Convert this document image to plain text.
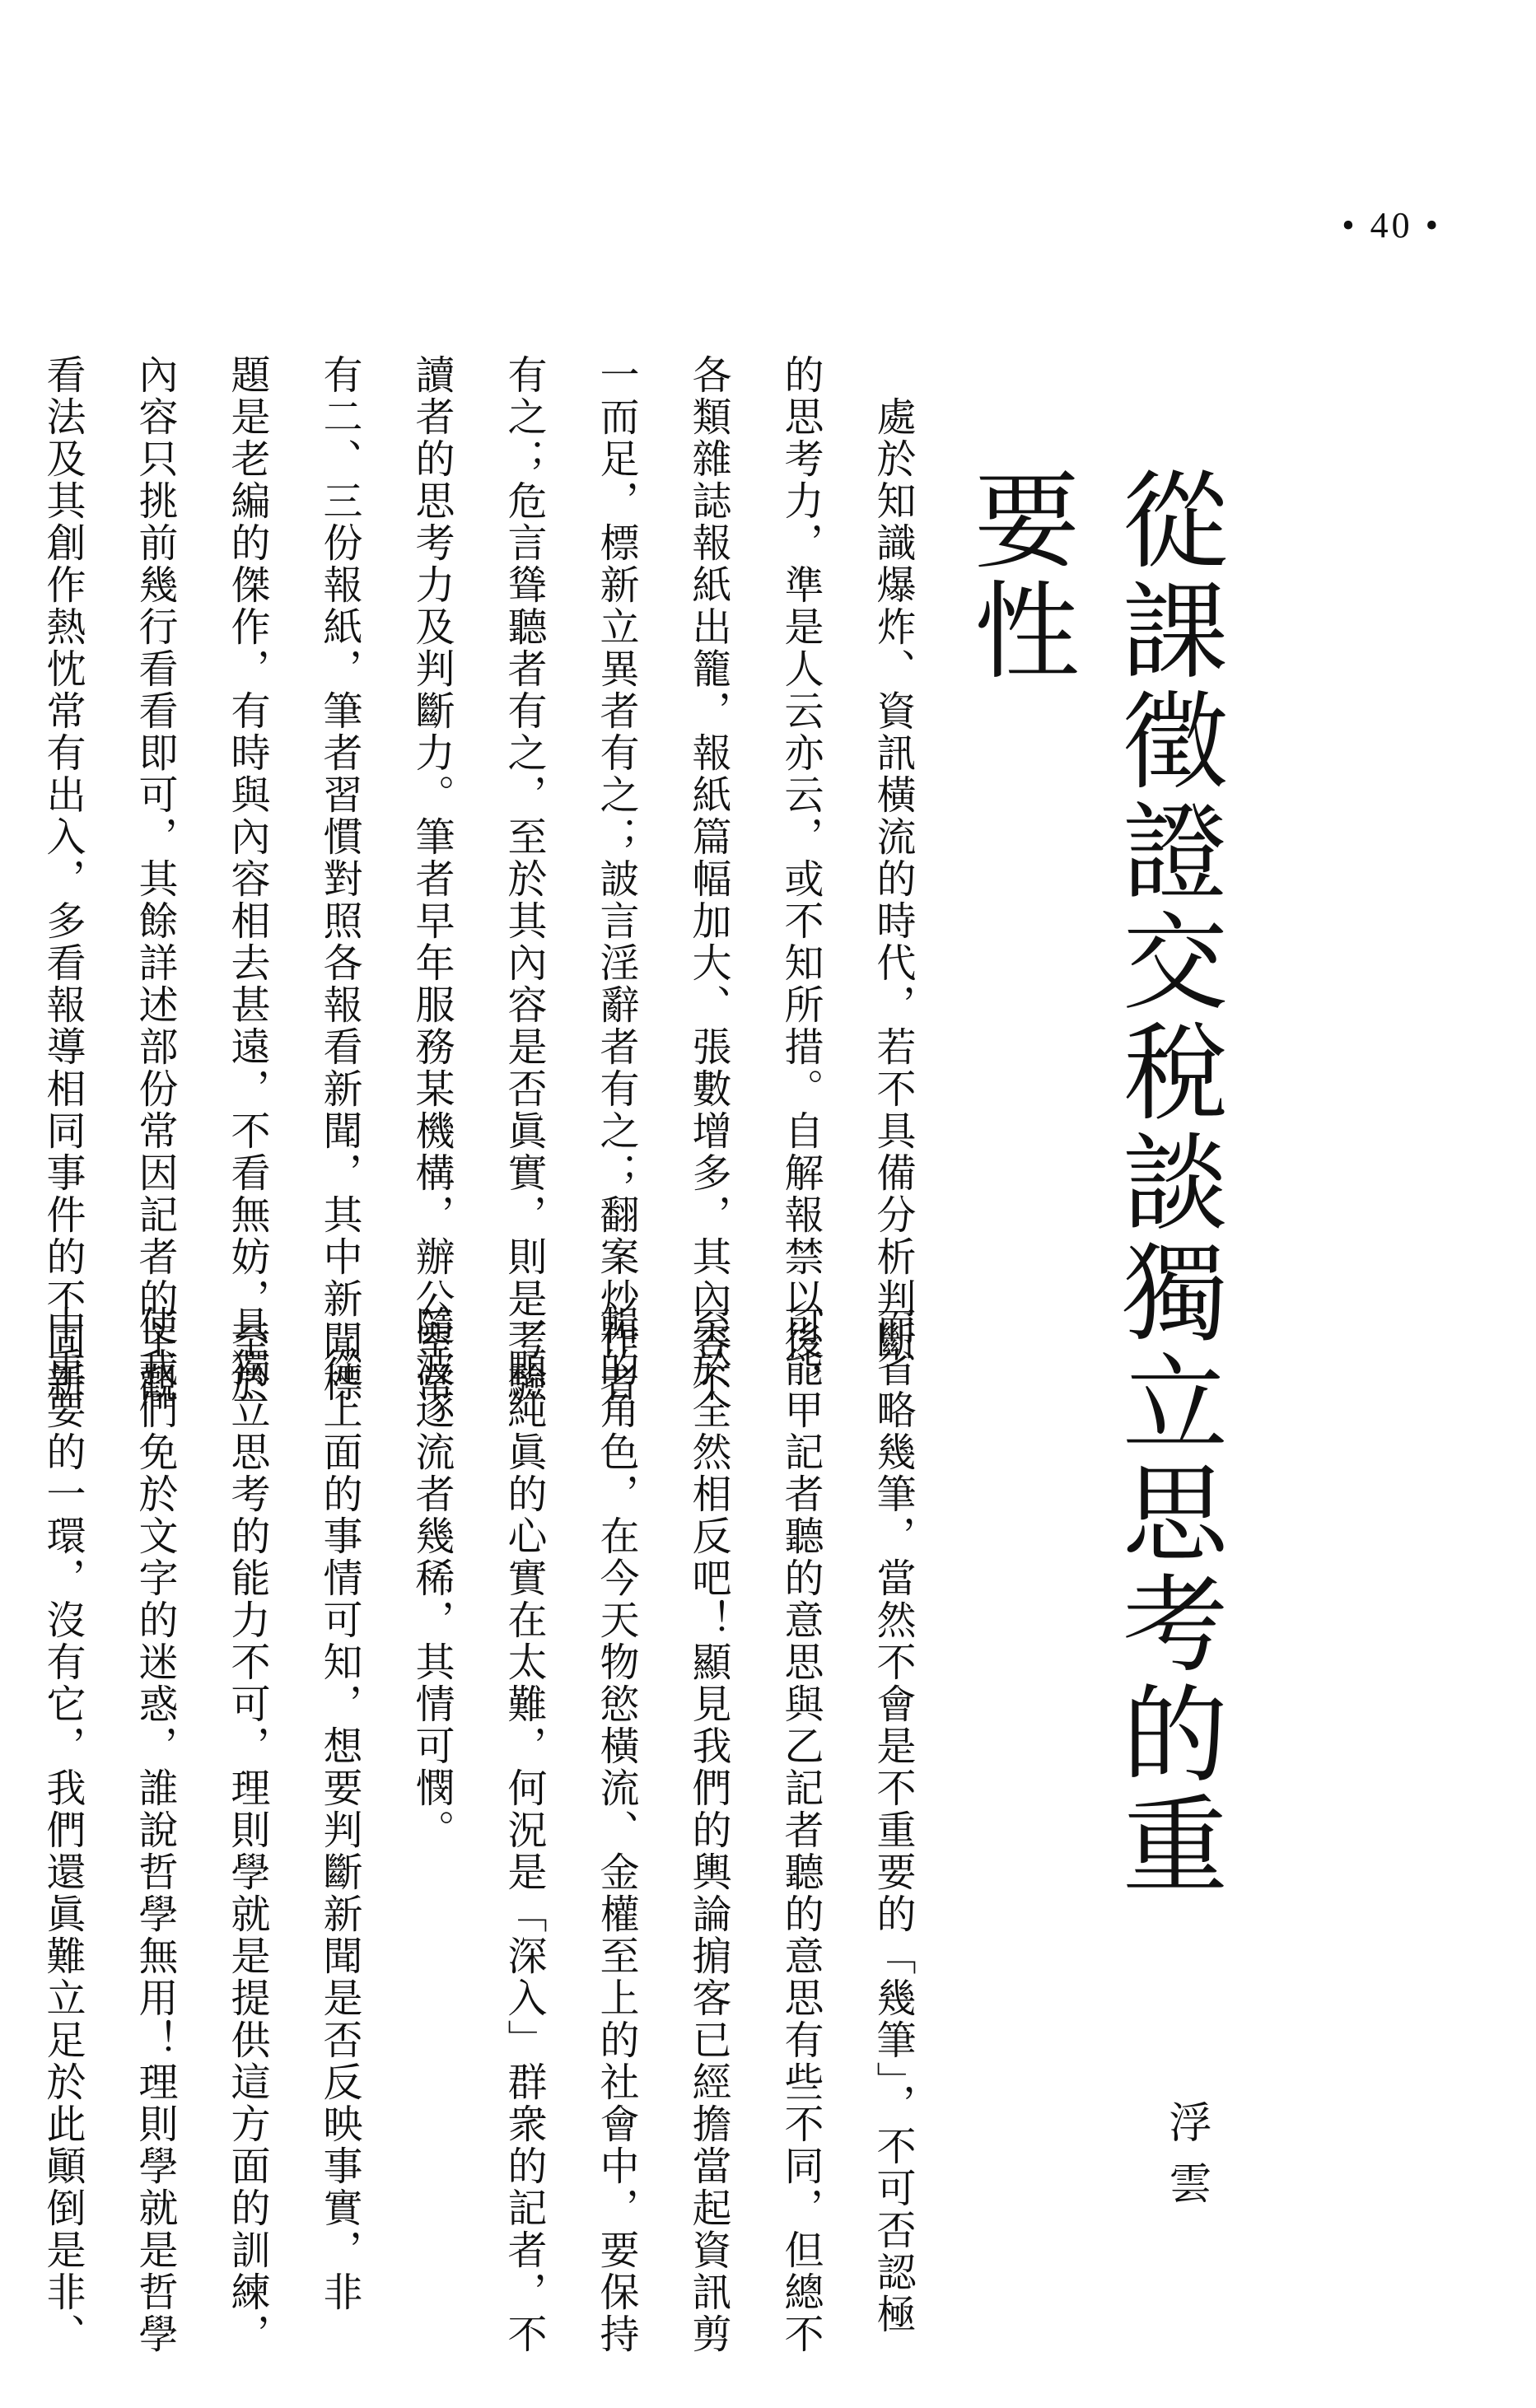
• 40 •
從課徵證交稅談獨立思考的重要性
浮雲

　處於知識爆炸、資訊橫流的時代，若不具備分析判斷

的思考力，準是人云亦云，或不知所措。自解報禁以後，

各類雜誌報紙出籠，報紙篇幅加大、張數增多，其內容不

一而足，標新立異者有之；詖言淫辭者有之；翻案炒作者

有之；危言聳聽者有之，至於其內容是否眞實，則是考驗

讀者的思考力及判斷力。筆者早年服務某機構，辦公室常

有二、三份報紙，筆者習慣對照各報看新聞，其中新聞標

題是老編的傑作，有時與內容相去甚遠，不看無妨，至於

內容只挑前幾行看看即可，其餘詳述部份常因記者的主觀

看法及其創作熱忱常有出入，多看報導相同事件的不同新

而省略幾筆，當然不會是不重要的「幾筆」，不可否認極

可能甲記者聽的意思與乙記者聽的意思有些不同，但總不

至於全然相反吧！顯見我們的輿論掮客已經擔當起資訊剪

輯的角色，在今天物慾橫流、金權至上的社會中，要保持

一顆純眞的心實在太難，何況是「深入」群衆的記者，不

隨波逐流者幾稀，其情可憫。

　從上面的事情可知，想要判斷新聞是否反映事實，非

具獨立思考的能力不可，理則學就是提供這方面的訓練，

使我們免於文字的迷惑，誰說哲學無用！理則學就是哲學

中重要的一環，沒有它，我們還眞難立足於此顚倒是非、
